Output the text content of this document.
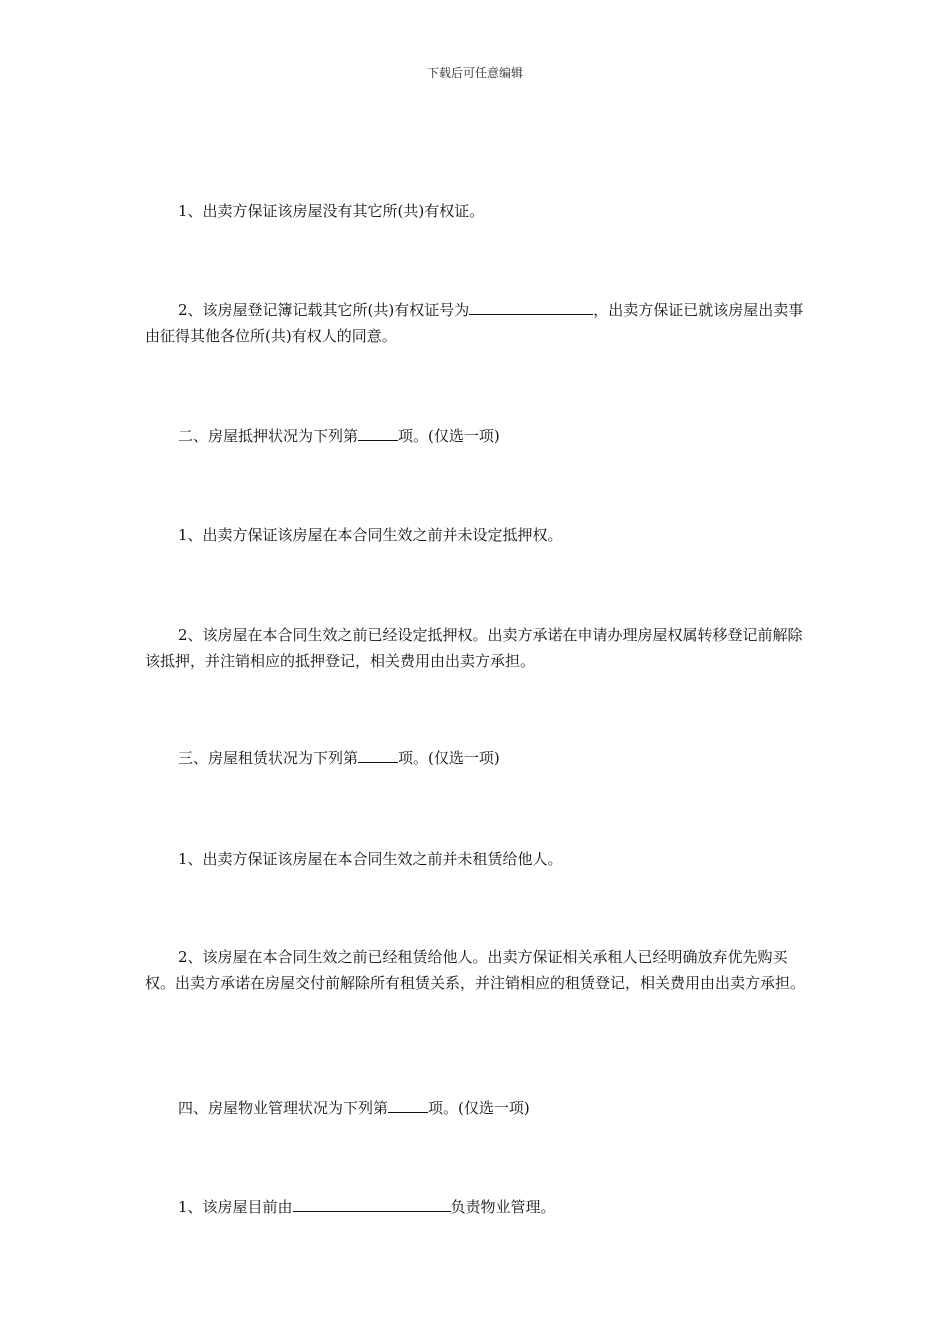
下载后可任意编辑

1、出卖方保证该房屋没有其它所(共)有权证。

2、该房屋登记簿记载其它所(共)有权证号为	，出卖方保证已就该房屋出卖事由征得其他各位所(共)有权人的同意。

二、房屋抵押状况为下列第	项。(仅选一项)

1、出卖方保证该房屋在本合同生效之前并未设定抵押权。

2、该房屋在本合同生效之前已经设定抵押权。出卖方承诺在申请办理房屋权属转移登记前解除该抵押，并注销相应的抵押登记，相关费用由出卖方承担。

三、房屋租赁状况为下列第	项。(仅选一项)

1、出卖方保证该房屋在本合同生效之前并未租赁给他人。

2、该房屋在本合同生效之前已经租赁给他人。出卖方保证相关承租人已经明确放弃优先购买权。出卖方承诺在房屋交付前解除所有租赁关系，并注销相应的租赁登记，相关费用由出卖方承担。

四、房屋物业管理状况为下列第	项。(仅选一项)

1、该房屋目前由	负责物业管理。
